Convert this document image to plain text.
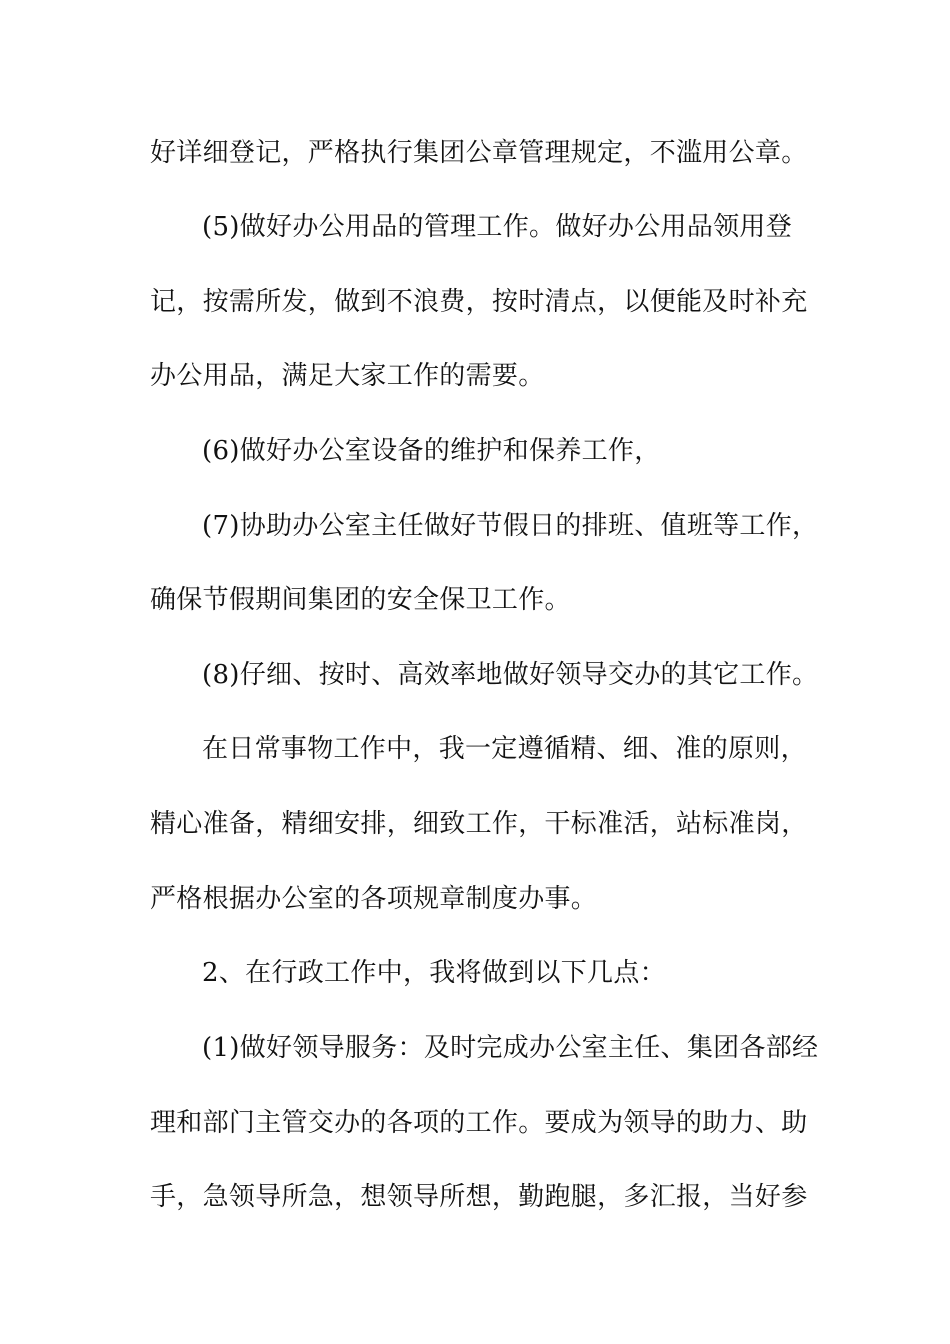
好详细登记，严格执行集团公章管理规定，不滥用公章。
(5)做好办公用品的管理工作。做好办公用品领用登
记，按需所发，做到不浪费，按时清点，以便能及时补充
办公用品，满足大家工作的需要。
(6)做好办公室设备的维护和保养工作，
(7)协助办公室主任做好节假日的排班、值班等工作，
确保节假期间集团的安全保卫工作。
(8)仔细、按时、高效率地做好领导交办的其它工作。
在日常事物工作中，我一定遵循精、细、准的原则，
精心准备，精细安排，细致工作，干标准活，站标准岗，
严格根据办公室的各项规章制度办事。
2、在行政工作中，我将做到以下几点：
(1)做好领导服务：及时完成办公室主任、集团各部经
理和部门主管交办的各项的工作。要成为领导的助力、助
手，急领导所急，想领导所想，勤跑腿，多汇报，当好参
